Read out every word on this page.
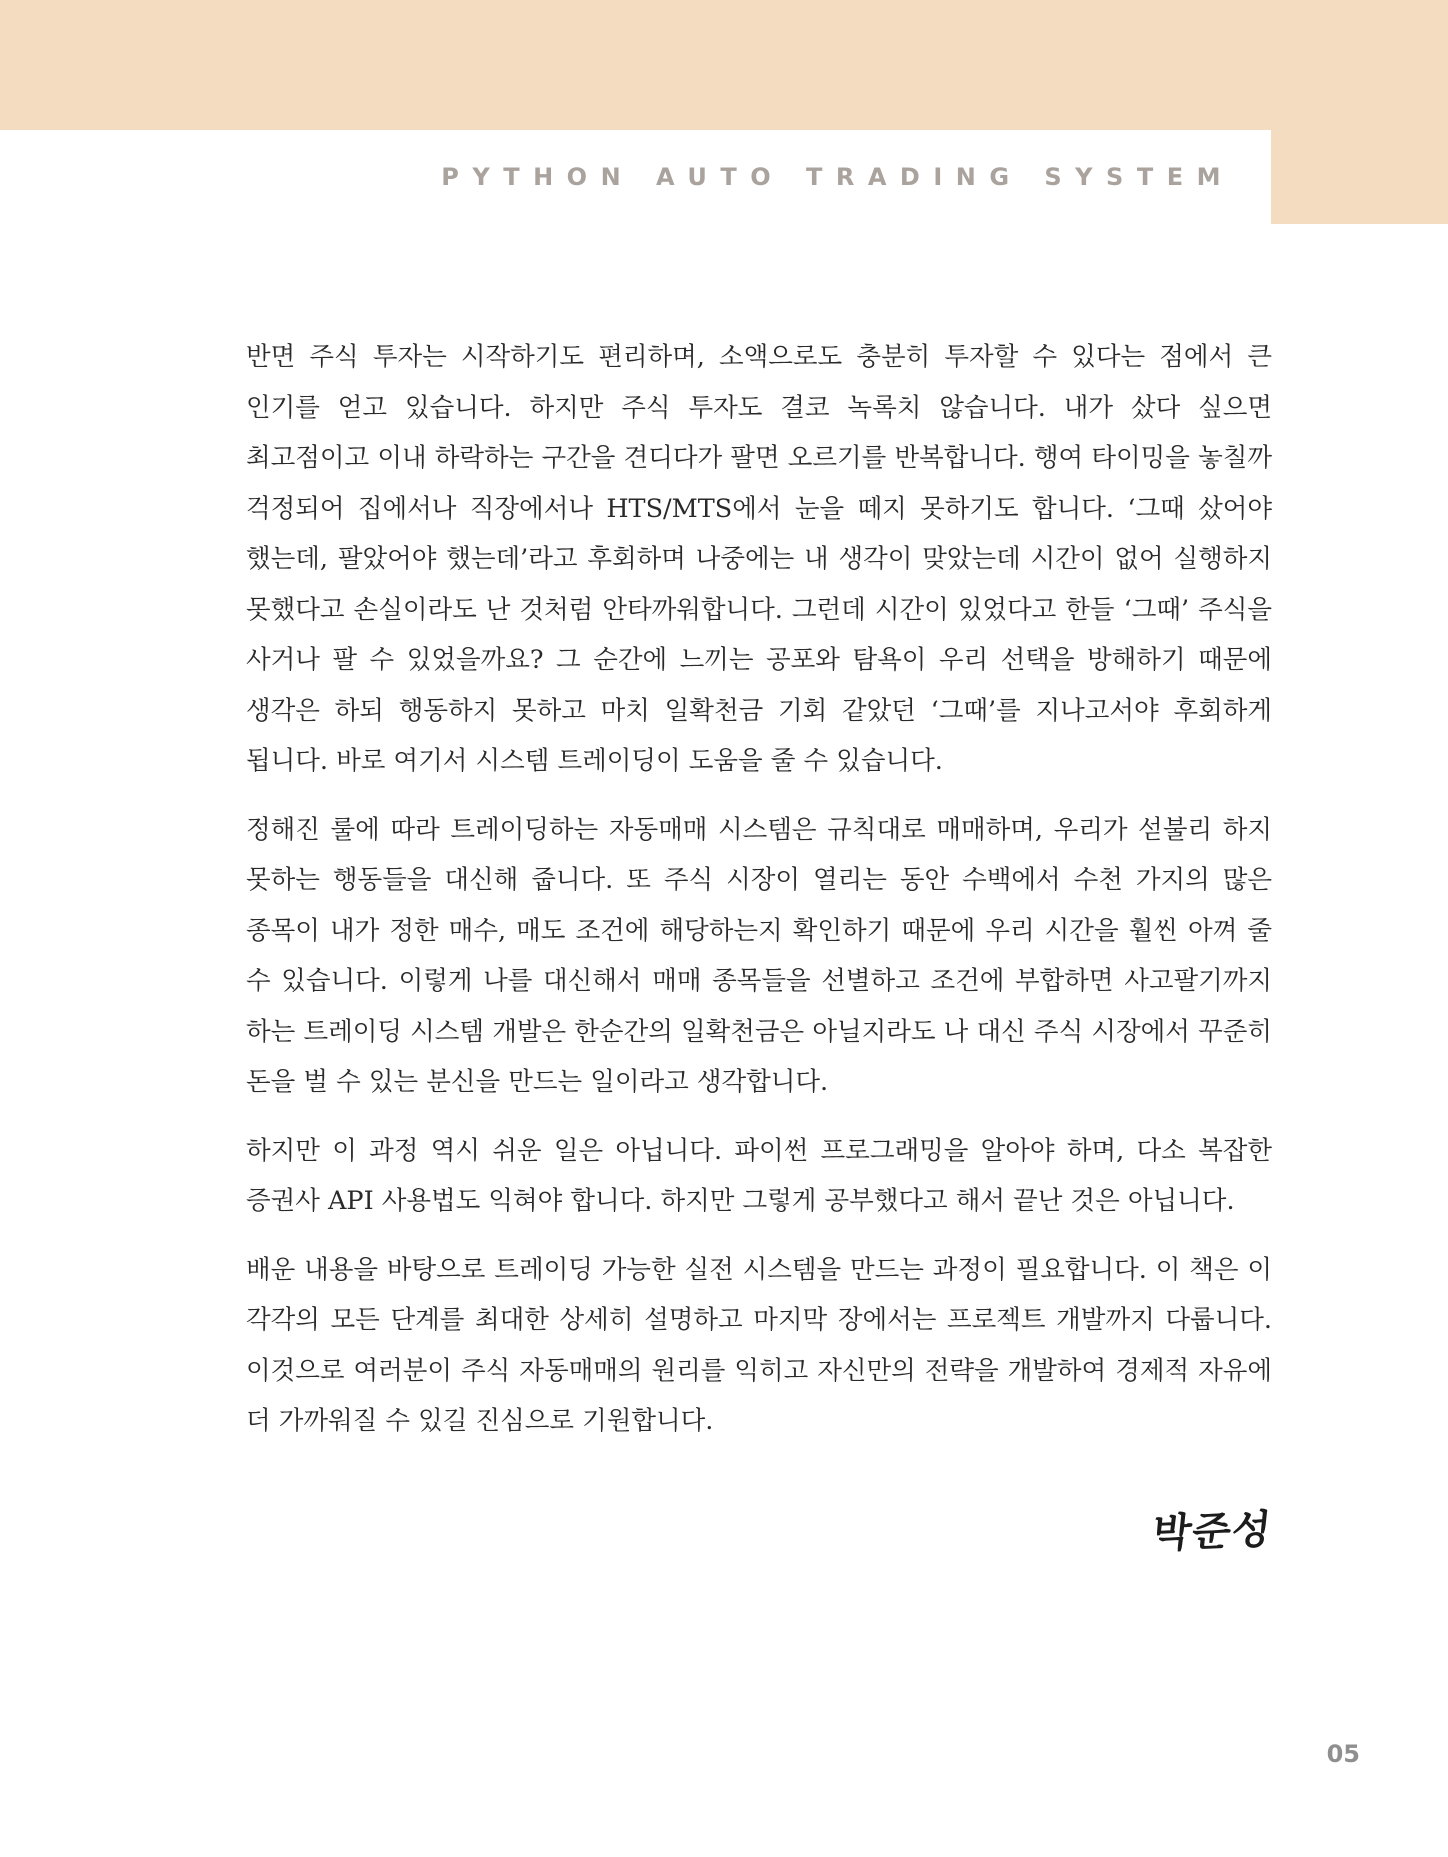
PYTHON AUTO TRADING SYSTEM

반면 주식 투자는 시작하기도 편리하며, 소액으로도 충분히 투자할 수 있다는 점에서 큰 인기를 얻고 있습니다. 하지만 주식 투자도 결코 녹록치 않습니다. 내가 샀다 싶으면 최고점이고 이내 하락하는 구간을 견디다가 팔면 오르기를 반복합니다. 행여 타이밍을 놓칠까 걱정되어 집에서나 직장에서나 HTS/MTS에서 눈을 떼지 못하기도 합니다. ‘그때 샀어야 했는데, 팔았어야 했는데’라고 후회하며 나중에는 내 생각이 맞았는데 시간이 없어 실행하지 못했다고 손실이라도 난 것처럼 안타까워합니다. 그런데 시간이 있었다고 한들 ‘그때’ 주식을 사거나 팔 수 있었을까요? 그 순간에 느끼는 공포와 탐욕이 우리 선택을 방해하기 때문에 생각은 하되 행동하지 못하고 마치 일확천금 기회 같았던 ‘그때’를 지나고서야 후회하게 됩니다. 바로 여기서 시스템 트레이딩이 도움을 줄 수 있습니다.

정해진 룰에 따라 트레이딩하는 자동매매 시스템은 규칙대로 매매하며, 우리가 섣불리 하지 못하는 행동들을 대신해 줍니다. 또 주식 시장이 열리는 동안 수백에서 수천 가지의 많은 종목이 내가 정한 매수, 매도 조건에 해당하는지 확인하기 때문에 우리 시간을 훨씬 아껴 줄 수 있습니다. 이렇게 나를 대신해서 매매 종목들을 선별하고 조건에 부합하면 사고팔기까지 하는 트레이딩 시스템 개발은 한순간의 일확천금은 아닐지라도 나 대신 주식 시장에서 꾸준히 돈을 벌 수 있는 분신을 만드는 일이라고 생각합니다.

하지만 이 과정 역시 쉬운 일은 아닙니다. 파이썬 프로그래밍을 알아야 하며, 다소 복잡한 증권사 API 사용법도 익혀야 합니다. 하지만 그렇게 공부했다고 해서 끝난 것은 아닙니다.

배운 내용을 바탕으로 트레이딩 가능한 실전 시스템을 만드는 과정이 필요합니다. 이 책은 이 각각의 모든 단계를 최대한 상세히 설명하고 마지막 장에서는 프로젝트 개발까지 다룹니다. 이것으로 여러분이 주식 자동매매의 원리를 익히고 자신만의 전략을 개발하여 경제적 자유에 더 가까워질 수 있길 진심으로 기원합니다.

박준성
05
